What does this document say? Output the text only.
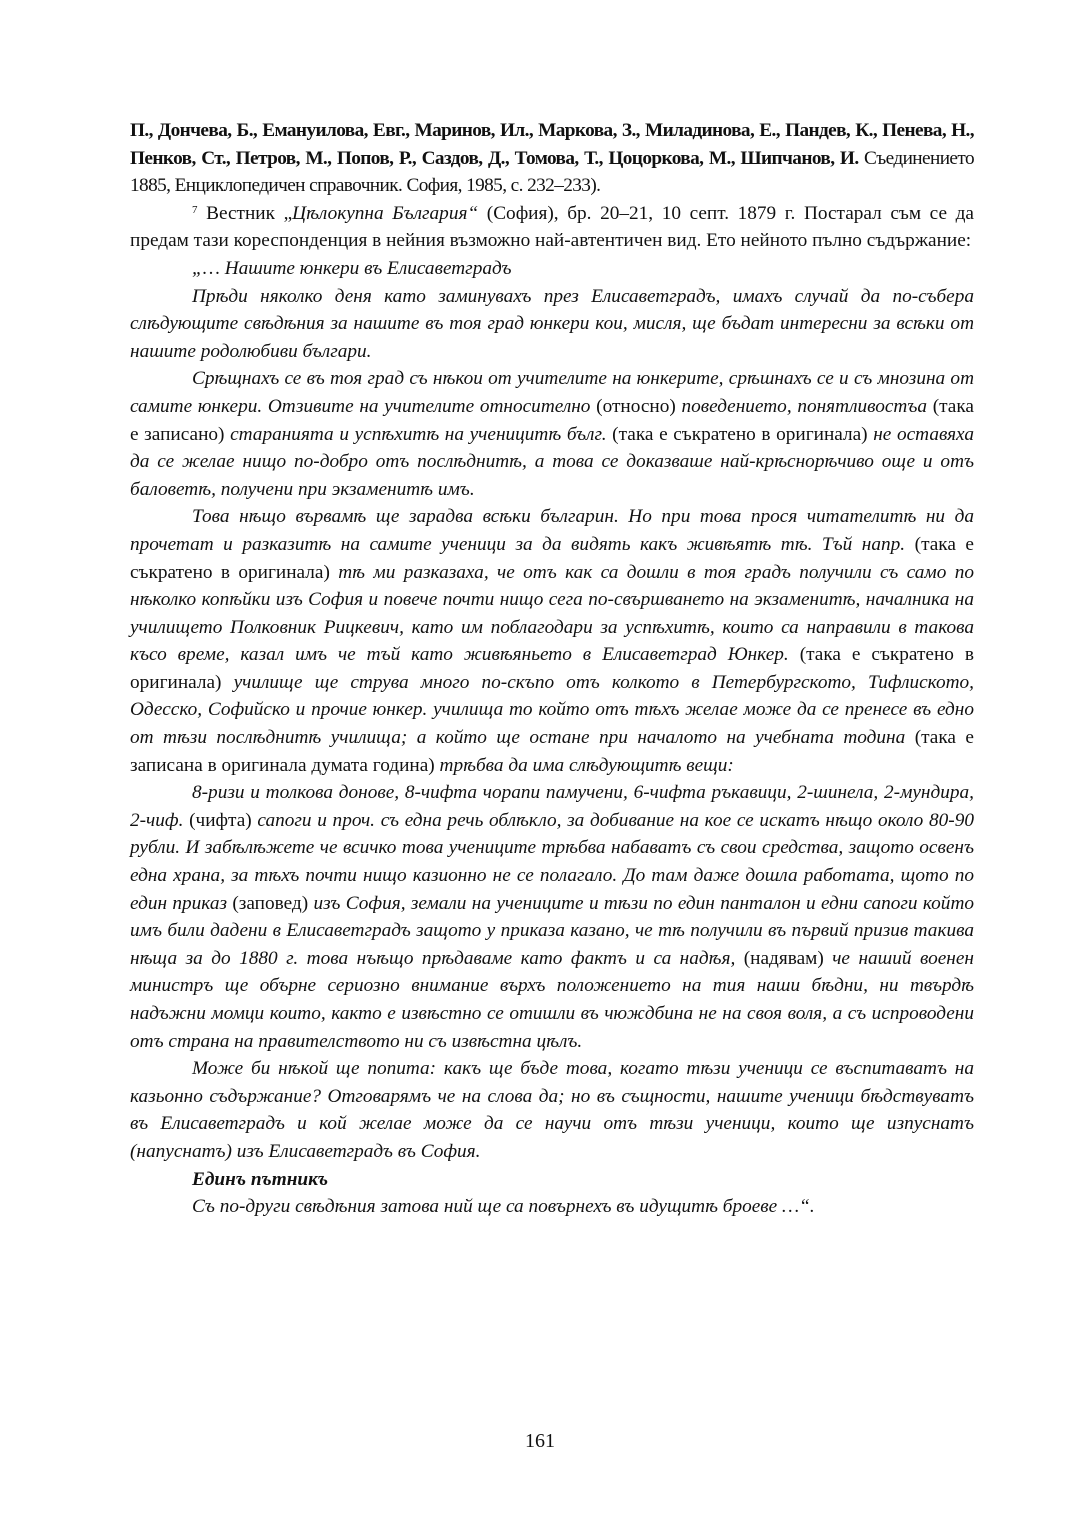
П., Дончева, Б., Емануилова, Евг., Маринов, Ил., Маркова, З., Миладинова, Е., Пандев, К., Пенева, Н., Пенков, Ст., Петров, М., Попов, Р., Саздов, Д., Томова, Т., Цоцоркова, М., Шипчанов, И. Съединението 1885, Енциклопедичен справочник. София, 1985, с. 232–233).

$^7$ Вестник „Цѣлокупна България“ (София), бр. 20–21, 10 септ. 1879 г. Постарал съм се да предам тази кореспонденция в нейния възможно най-автентичен вид. Ето нейното пълно съдържание:

„… Нашите юнкери въ Елисаветградъ

Прѣди няколко деня като заминувахъ през Елисаветградъ, имахъ случай да по-събера слѣдующите свѣдѣния за нашите въ тоя град юнкери кои, мисля, ще бъдат интересни за всѣки от нашите родолюбиви българи.

Срѣщнахъ се въ тоя град съ нѣкои от учителите на юнкерите, срѣшнахъ се и съ мнозина от самите юнкери. Отзивите на учителите относително (относно) поведението, понятливостъа (така е записано) старанията и успѣхитѣ на ученицитѣ бълг. (така е съкратено в оригинала) не оставяха да се желае нищо по-добро отъ послѣднитѣ, а това се доказваше най-крѣснорѣчиво още и отъ баловетѣ, получени при экзаменитѣ имъ.

Това нѣщо вървамѣ ще зарадва всѣки българин. Но при това прося читателитѣ ни да прочетат и разказитѣ на самите ученици за да видять какъ живѣятѣ тѣ. Тъй напр. (така е съкратено в оригинала) тѣ ми разказаха, че отъ как са дошли в тоя градъ получили съ само по нѣколко копѣйки изъ София и повече почти нищо сега по-свършването на экзаменитѣ, началника на училището Полковник Рицкевич, като им поблагодари за успѣхитѣ, които са направили в такова късо време, казал имъ че тъй като живѣяньето в Елисаветград Юнкер. (така е съкратено в оригинала) училище ще струва много по-скъпо отъ колкото в Петербургското, Тифлиското, Одесско, Софийско и прочие юнкер. училища то който отъ тѣхъ желае може да се пренесе въ едно от тѣзи послѣднитѣ училища; а който ще остане при началото на учебната тодина (така е записана в оригинала думата година) трѣбва да има слѣдующитѣ вещи:

8-ризи и толкова донове, 8-чифта чорапи памучени, 6-чифта ръкавици, 2-шинела, 2-мундира, 2-чиф. (чифта) сапоги и проч. съ една речь облѣкло, за добивание на кое се искатъ нѣщо около 80-90 рубли. И забѣлѣжете че всичко това учениците трѣбва набаватъ съ свои средства, защото освенъ една храна, за тѣхъ почти нищо казионно не се полагало. До там даже дошла работата, щото по един приказ (заповед) изъ София, земали на учениците и тѣзи по един панталон и едни сапоги който имъ били дадени в Елисаветградъ защото у приказа казано, че тѣ получили въ първий призив такива нѣща за до 1880 г. това нъѣщо прѣдаваме като фактъ и са надѣя, (надявам) че наший военен министръ ще обърне сериозно внимание върхъ положението на тия наши бѣдни, ни твърдѣ надъжни момци които, както е извѣстно се отишли въ чюждбина не на своя воля, а съ испроводени отъ страна на правителството ни съ извѣстна цѣлъ.

Може би нѣкой ще попита: какъ ще бъде това, когато тѣзи ученици се въспитаватъ на казьонно съдържание? Отговарямъ че на слова да; но въ същности, нашите ученици бѣдствуватъ въ Елисаветградъ и кой желае може да се научи отъ тѣзи ученици, които ще изпуснатъ (напуснатъ) изъ Елисаветградъ въ София.

Единъ пътникъ

Съ по-други свѣдѣния затова ний ще са повърнехъ въ идущитѣ броеве …“.

161
